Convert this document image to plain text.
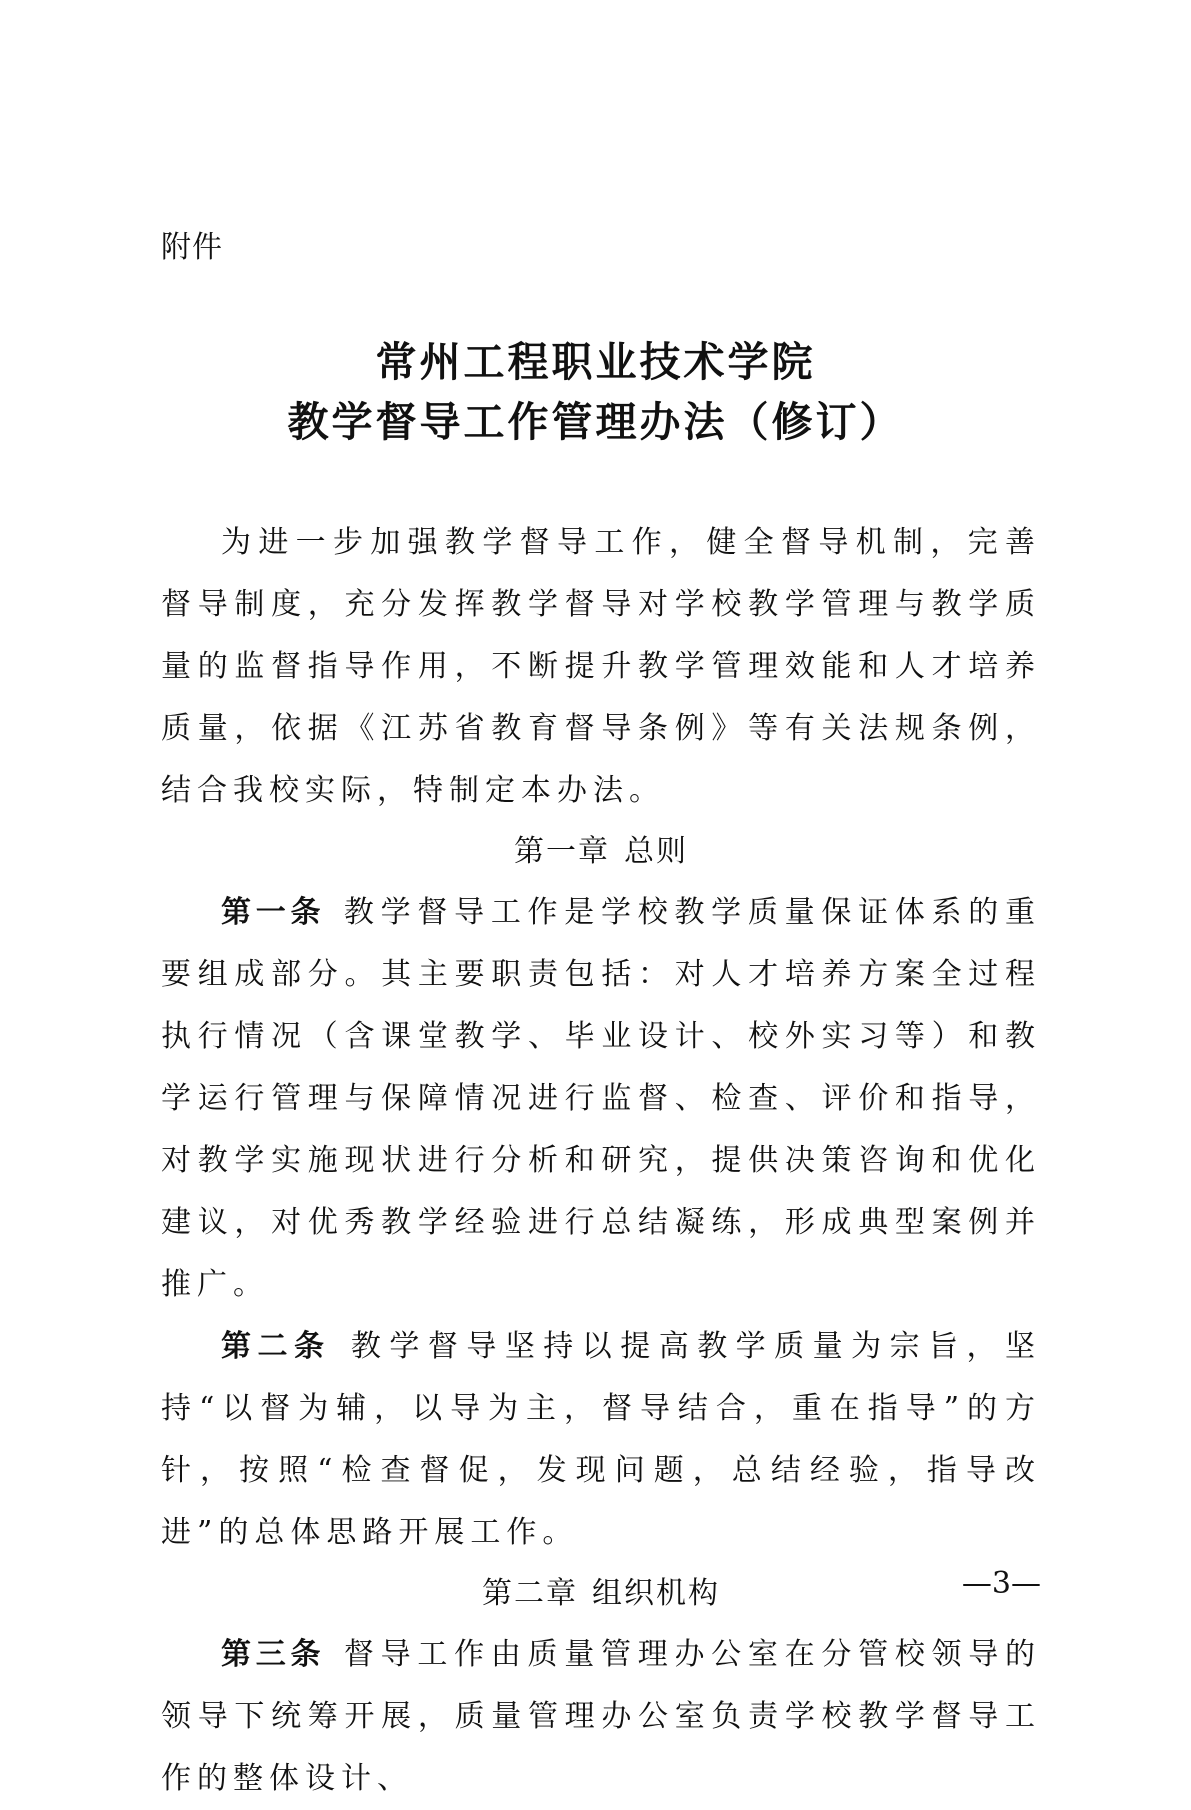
附件
常州工程职业技术学院
教学督导工作管理办法（修订）

为进一步加强教学督导工作，健全督导机制，完善督导制度，充分发挥教学督导对学校教学管理与教学质量的监督指导作用，不断提升教学管理效能和人才培养质量，依据《江苏省教育督导条例》等有关法规条例，结合我校实际，特制定本办法。

第一章 总则

第一条 教学督导工作是学校教学质量保证体系的重要组成部分。其主要职责包括：对人才培养方案全过程执行情况（含课堂教学、毕业设计、校外实习等）和教学运行管理与保障情况进行监督、检查、评价和指导，对教学实施现状进行分析和研究，提供决策咨询和优化建议，对优秀教学经验进行总结凝练，形成典型案例并推广。

第二条 教学督导坚持以提高教学质量为宗旨，坚持“以督为辅，以导为主，督导结合，重在指导”的方针，按照“检查督促，发现问题，总结经验，指导改进”的总体思路开展工作。

第二章 组织机构

第三条 督导工作由质量管理办公室在分管校领导的领导下统筹开展，质量管理办公室负责学校教学督导工作的整体设计、

—3—
